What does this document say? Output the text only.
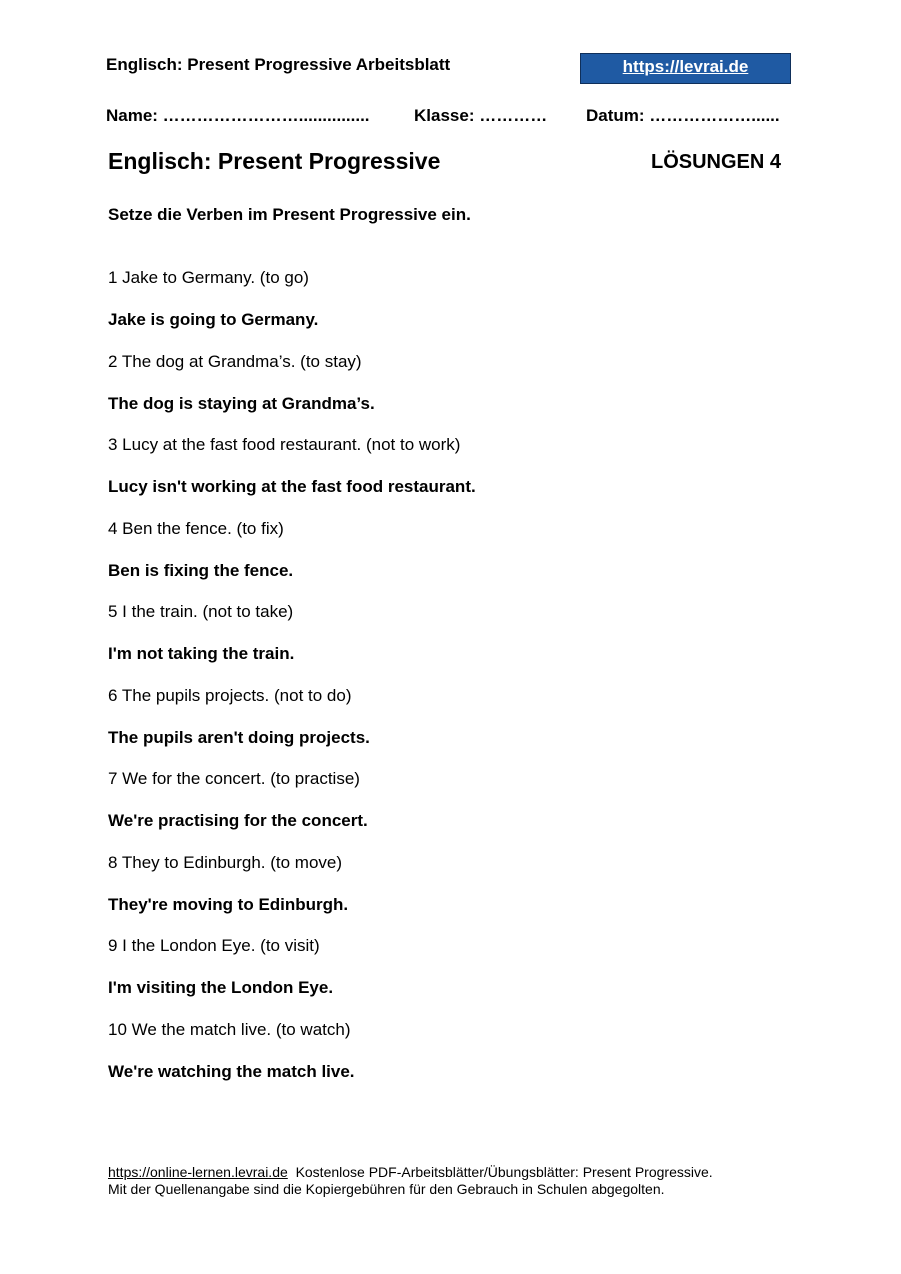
Englisch: Present Progressive Arbeitsblatt	https://levrai.de
Name: ……………………...............	Klasse: ………… Datum: ………………......
Englisch: Present Progressive	LÖSUNGEN 4
Setze die Verben im Present Progressive ein.
1 Jake to Germany. (to go)
Jake is going to Germany.
2 The dog at Grandma’s. (to stay)
The dog is staying at Grandma’s.
3 Lucy at the fast food restaurant. (not to work)
Lucy isn't working at the fast food restaurant.
4 Ben the fence. (to fix)
Ben is fixing the fence.
5 I the train. (not to take)
I'm not taking the train.
6 The pupils projects. (not to do)
The pupils aren't doing projects.
7 We for the concert. (to practise)
We're practising for the concert.
8 They to Edinburgh. (to move)
They're moving to Edinburgh.
9 I the London Eye. (to visit)
I'm visiting the London Eye.
10 We the match live. (to watch)
We're watching the match live.
https://online-lernen.levrai.de Kostenlose PDF-Arbeitsblätter/Übungsblätter: Present Progressive.
Mit der Quellenangabe sind die Kopiergebühren für den Gebrauch in Schulen abgegolten.
